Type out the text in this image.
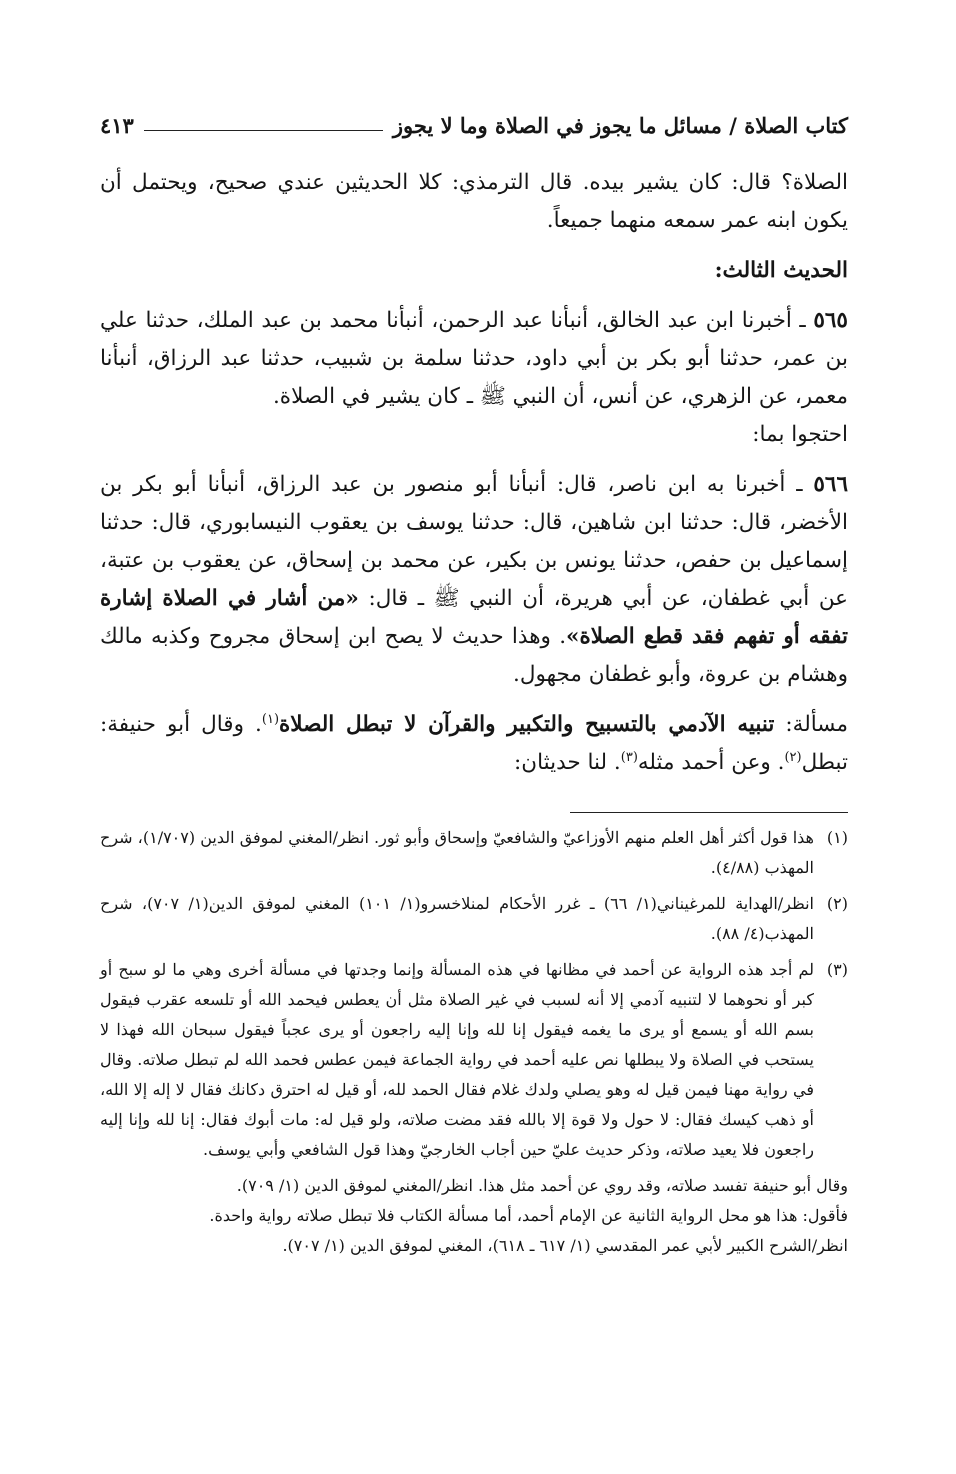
كتاب الصلاة / مسائل ما يجوز في الصلاة وما لا يجوز
٤١٣

الصلاة؟ قال: كان يشير بيده. قال الترمذي: كلا الحديثين عندي صحيح، ويحتمل أن يكون ابنه عمر سمعه منهما جميعاً.

الحديث الثالث:

٥٦٥ ـ أخبرنا ابن عبد الخالق، أنبأنا عبد الرحمن، أنبأنا محمد بن عبد الملك، حدثنا علي بن عمر، حدثنا أبو بكر بن أبي داود، حدثنا سلمة بن شبيب، حدثنا عبد الرزاق، أنبأنا معمر، عن الزهري، عن أنس، أن النبي ﷺ ـ كان يشير في الصلاة.
احتجوا بما:

٥٦٦ ـ أخبرنا به ابن ناصر، قال: أنبأنا أبو منصور بن عبد الرزاق، أنبأنا أبو بكر بن الأخضر، قال: حدثنا ابن شاهين، قال: حدثنا يوسف بن يعقوب النيسابوري، قال: حدثنا إسماعيل بن حفص، حدثنا يونس بن بكير، عن محمد بن إسحاق، عن يعقوب بن عتبة، عن أبي غطفان، عن أبي هريرة، أن النبي ﷺ ـ قال: «من أشار في الصلاة إشارة تفقه أو تفهم فقد قطع الصلاة». وهذا حديث لا يصح ابن إسحاق مجروح وكذبه مالك وهشام بن عروة، وأبو غطفان مجهول.

مسألة: تنبيه الآدمي بالتسبيح والتكبير والقرآن لا تبطل الصلاة$^{(١)}$. وقال أبو حنيفة: تبطل$^{(٢)}$. وعن أحمد مثله$^{(٣)}$. لنا حديثان:

(١)
هذا قول أكثر أهل العلم منهم الأوزاعيّ والشافعيّ وإسحاق وأبو ثور. انظر/المغني لموفق الدين (١/٧٠٧)، شرح المهذب (٤/٨٨).
(٢)
انظر/الهداية للمرغيناني(١/ ٦٦) ـ غرر الأحكام لمنلاخسرو(١/ ١٠١) المغني لموفق الدين(١/ ٧٠٧)، شرح المهذب(٤/ ٨٨).
(٣)
لم أجد هذه الرواية عن أحمد في مظانها في هذه المسألة وإنما وجدتها في مسألة أخرى وهي ما لو سبح أو كبر أو نحوهما لا لتنبيه آدمي إلا أنه لسبب في غير الصلاة مثل أن يعطس فيحمد الله أو تلسعه عقرب فيقول بسم الله أو يسمع أو يرى ما يغمه فيقول إنا لله وإنا إليه راجعون أو يرى عجباً فيقول سبحان الله فهذا لا يستحب في الصلاة ولا يبطلها نص عليه أحمد في رواية الجماعة فيمن عطس فحمد الله لم تبطل صلاته. وقال في رواية مهنا فيمن قيل له وهو يصلي ولدك غلام فقال الحمد لله، أو قيل له احترق دكانك فقال لا إله إلا الله، أو ذهب كيسك فقال: لا حول ولا قوة إلا بالله فقد مضت صلاته، ولو قيل له: مات أبوك فقال: إنا لله وإنا إليه راجعون فلا يعيد صلاته، وذكر حديث عليّ حين أجاب الخارجيّ وهذا قول الشافعي وأبي يوسف.
وقال أبو حنيفة تفسد صلاته، وقد روي عن أحمد مثل هذا. انظر/المغني لموفق الدين (١/ ٧٠٩).
فأقول: هذا هو محل الرواية الثانية عن الإمام أحمد، أما مسألة الكتاب فلا تبطل صلاته رواية واحدة.
انظر/الشرح الكبير لأبي عمر المقدسي (١/ ٦١٧ ـ ٦١٨)، المغني لموفق الدين (١/ ٧٠٧).
